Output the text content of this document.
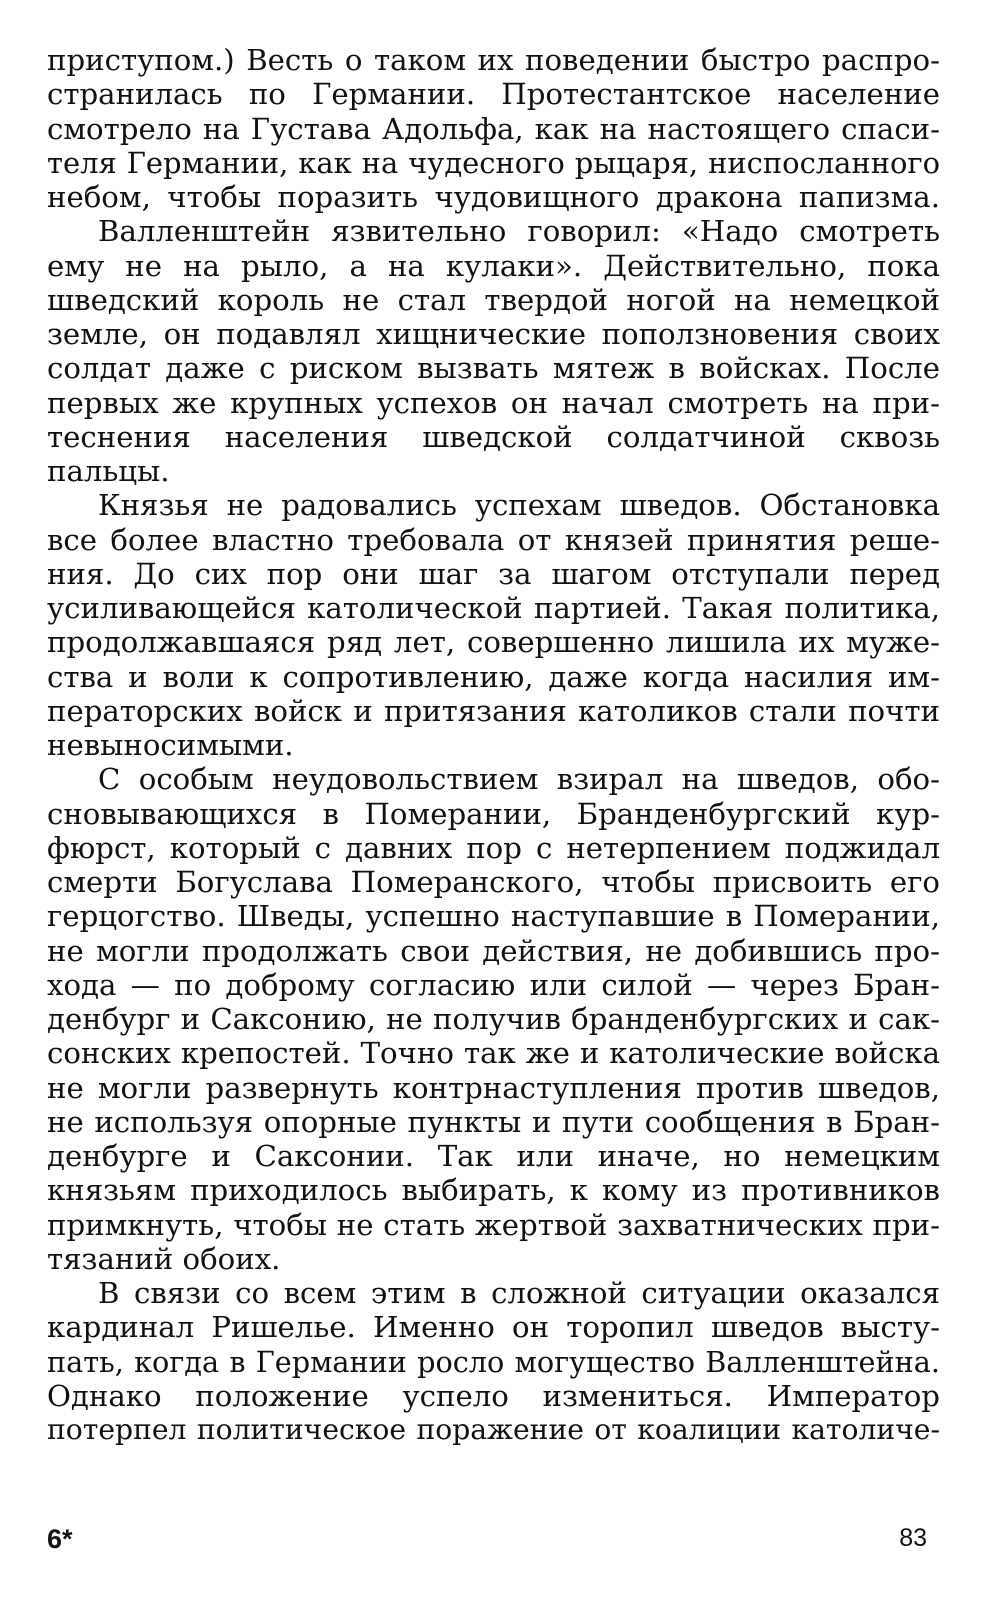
приступом.) Весть о таком их поведении быстро распро-
странилась по Германии. Протестантское население
смотрело на Густава Адольфа, как на настоящего спаси-
теля Германии, как на чудесного рыцаря, ниспосланного
небом, чтобы поразить чудовищного дракона папизма.

Валленштейн язвительно говорил: «Надо смотреть
ему не на рыло, а на кулаки». Действительно, пока
шведский король не стал твердой ногой на немецкой
земле, он подавлял хищнические поползновения своих
солдат даже с риском вызвать мятеж в войсках. После
первых же крупных успехов он начал смотреть на при-
теснения населения шведской солдатчиной сквозь
пальцы.

Князья не радовались успехам шведов. Обстановка
все более властно требовала от князей принятия реше-
ния. До сих пор они шаг за шагом отступали перед
усиливающейся католической партией. Такая политика,
продолжавшаяся ряд лет, совершенно лишила их муже-
ства и воли к сопротивлению, даже когда насилия им-
ператорских войск и притязания католиков стали почти
невыносимыми.

С особым неудовольствием взирал на шведов, обо-
сновывающихся в Померании, Бранденбургский кур-
фюрст, который с давних пор с нетерпением поджидал
смерти Богуслава Померанского, чтобы присвоить его
герцогство. Шведы, успешно наступавшие в Померании,
не могли продолжать свои действия, не добившись про-
хода — по доброму согласию или силой — через Бран-
денбург и Саксонию, не получив бранденбургских и сак-
сонских крепостей. Точно так же и католические войска
не могли развернуть контрнаступления против шведов,
не используя опорные пункты и пути сообщения в Бран-
денбурге и Саксонии. Так или иначе, но немецким
князьям приходилось выбирать, к кому из противников
примкнуть, чтобы не стать жертвой захватнических при-
тязаний обоих.

В связи со всем этим в сложной ситуации оказался
кардинал Ришелье. Именно он торопил шведов высту-
пать, когда в Германии росло могущество Валленштейна.
Однако положение успело измениться. Император
потерпел политическое поражение от коалиции католиче-

6*	83
